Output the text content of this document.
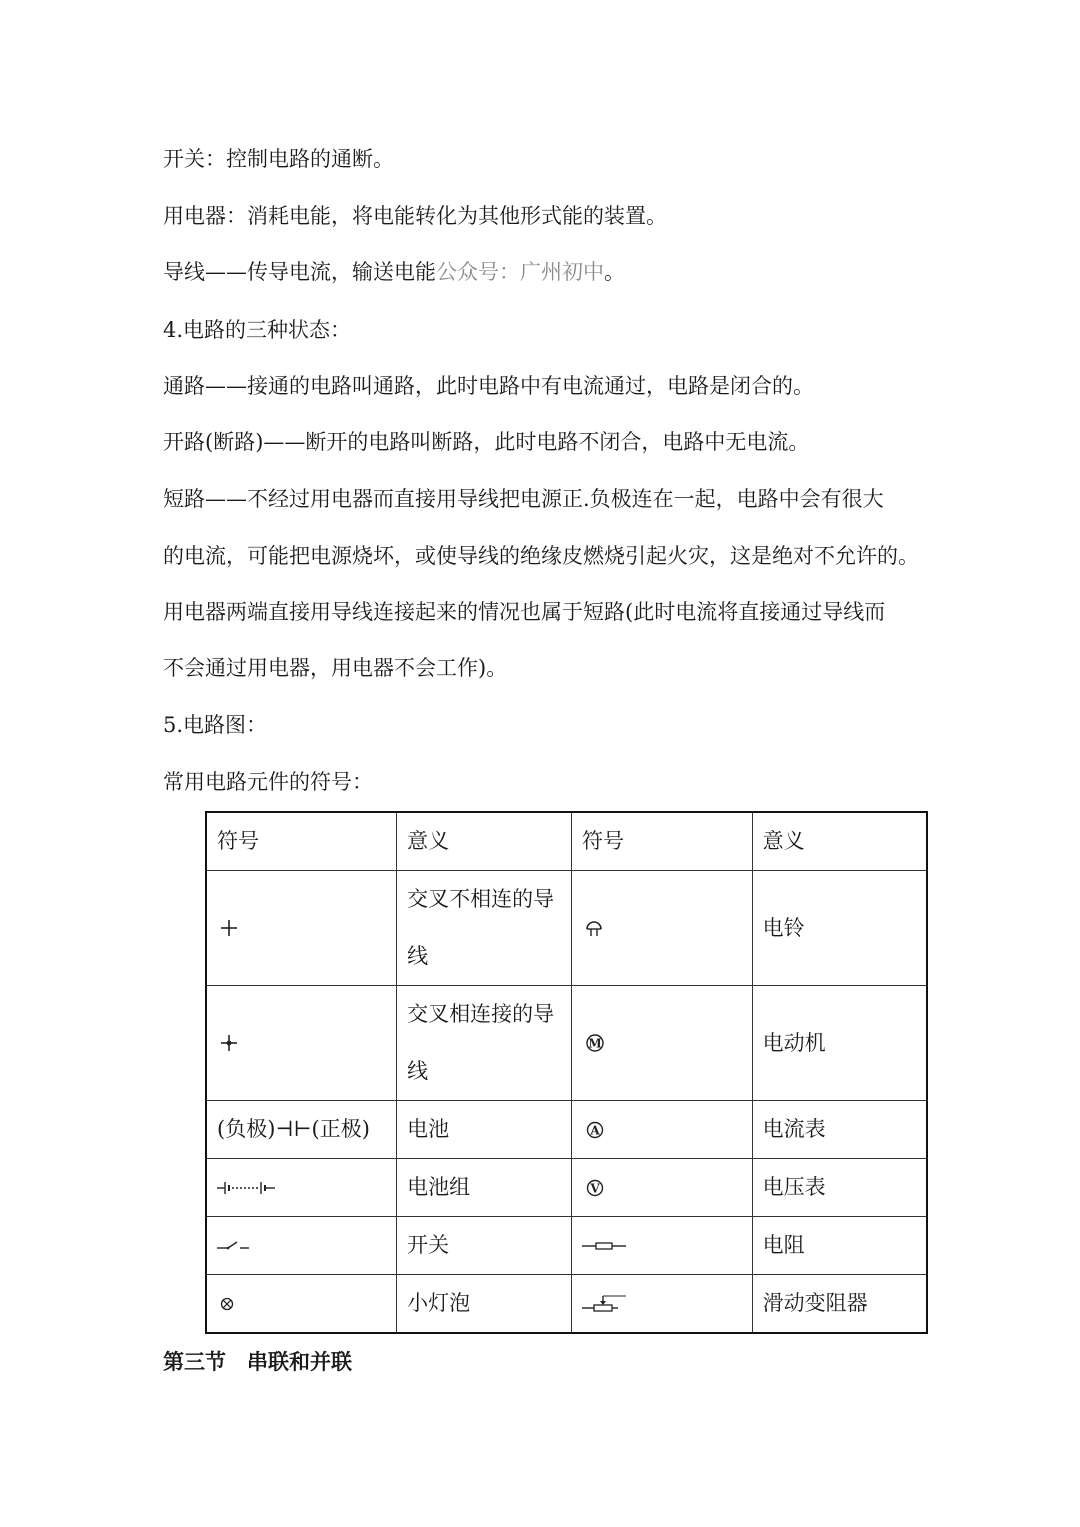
开关：控制电路的通断。
用电器：消耗电能，将电能转化为其他形式能的装置。
导线——传导电流，输送电能公众号：广州初中。
4.电路的三种状态：
通路——接通的电路叫通路，此时电路中有电流通过，电路是闭合的。
开路(断路)——断开的电路叫断路，此时电路不闭合，电路中无电流。
短路——不经过用电器而直接用导线把电源正.负极连在一起，电路中会有很大
的电流，可能把电源烧坏，或使导线的绝缘皮燃烧引起火灾，这是绝对不允许的。
用电器两端直接用导线连接起来的情况也属于短路(此时电流将直接通过导线而
不会通过用电器，用电器不会工作)。
5.电路图：
常用电路元件的符号：
符号	意义	符号	意义

	交叉不相连的导线		电铃

	交叉相连接的导线	M	电动机
(负极)⊣⊢(正极)	电池	A	电流表

	电池组	V	电压表

	开关		电阻

	小灯泡		滑动变阻器
第三节　串联和并联
